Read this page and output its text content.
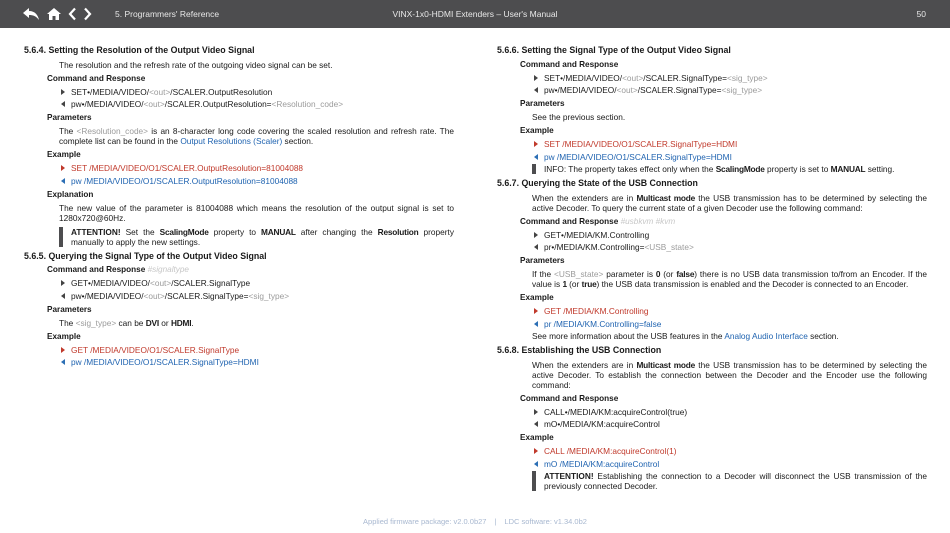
5. Programmers' Reference	VINX-1x0-HDMI Extenders – User's Manual	50
5.6.4. Setting the Resolution of the Output Video Signal
The resolution and the refresh rate of the outgoing video signal can be set.
Command and Response
SET•/MEDIA/VIDEO/<out>/SCALER.OutputResolution
pw•/MEDIA/VIDEO/<out>/SCALER.OutputResolution=<Resolution_code>
Parameters
The <Resolution_code> is an 8-character long code covering the scaled resolution and refresh rate. The complete list can be found in the Output Resolutions (Scaler) section.
Example
SET /MEDIA/VIDEO/O1/SCALER.OutputResolution=81004088
pw /MEDIA/VIDEO/O1/SCALER.OutputResolution=81004088
Explanation
The new value of the parameter is 81004088 which means the resolution of the output signal is set to 1280x720@60Hz.
ATTENTION! Set the ScalingMode property to MANUAL after changing the Resolution property manually to apply the new settings.
5.6.5. Querying the Signal Type of the Output Video Signal
Command and Response #signaltype
GET•/MEDIA/VIDEO/<out>/SCALER.SignalType
pw•/MEDIA/VIDEO/<out>/SCALER.SignalType=<sig_type>
Parameters
The <sig_type> can be DVI or HDMI.
Example
GET /MEDIA/VIDEO/O1/SCALER.SignalType
pw /MEDIA/VIDEO/O1/SCALER.SignalType=HDMI
5.6.6. Setting the Signal Type of the Output Video Signal
Command and Response
SET•/MEDIA/VIDEO/<out>/SCALER.SignalType=<sig_type>
pw•/MEDIA/VIDEO/<out>/SCALER.SignalType=<sig_type>
Parameters
See the previous section.
Example
SET /MEDIA/VIDEO/O1/SCALER.SignalType=HDMI
pw /MEDIA/VIDEO/O1/SCALER.SignalType=HDMI
INFO: The property takes effect only when the ScalingMode property is set to MANUAL setting.
5.6.7. Querying the State of the USB Connection
When the extenders are in Multicast mode the USB transmission has to be determined by selecting the active Decoder. To query the current state of a given Decoder use the following command:
Command and Response #usbkvm #kvm
GET•/MEDIA/KM.Controlling
pr•/MEDIA/KM.Controlling=<USB_state>
Parameters
If the <USB_state> parameter is 0 (or false) there is no USB data transmission to/from an Encoder. If the value is 1 (or true) the USB data transmission is enabled and the Decoder is connected to an Encoder.
Example
GET /MEDIA/KM.Controlling
pr /MEDIA/KM.Controlling=false
See more information about the USB features in the Analog Audio Interface section.
5.6.8. Establishing the USB Connection
When the extenders are in Multicast mode the USB transmission has to be determined by selecting the active Decoder. To establish the connection between the Decoder and the Encoder use the following command:
Command and Response
CALL•/MEDIA/KM:acquireControl(true)
mO•/MEDIA/KM:acquireControl
Example
CALL /MEDIA/KM:acquireControl(1)
mO /MEDIA/KM:acquireControl
ATTENTION! Establishing the connection to a Decoder will disconnect the USB transmission of the previously connected Decoder.
Applied firmware package: v2.0.0b27 | LDC software: v1.34.0b2
